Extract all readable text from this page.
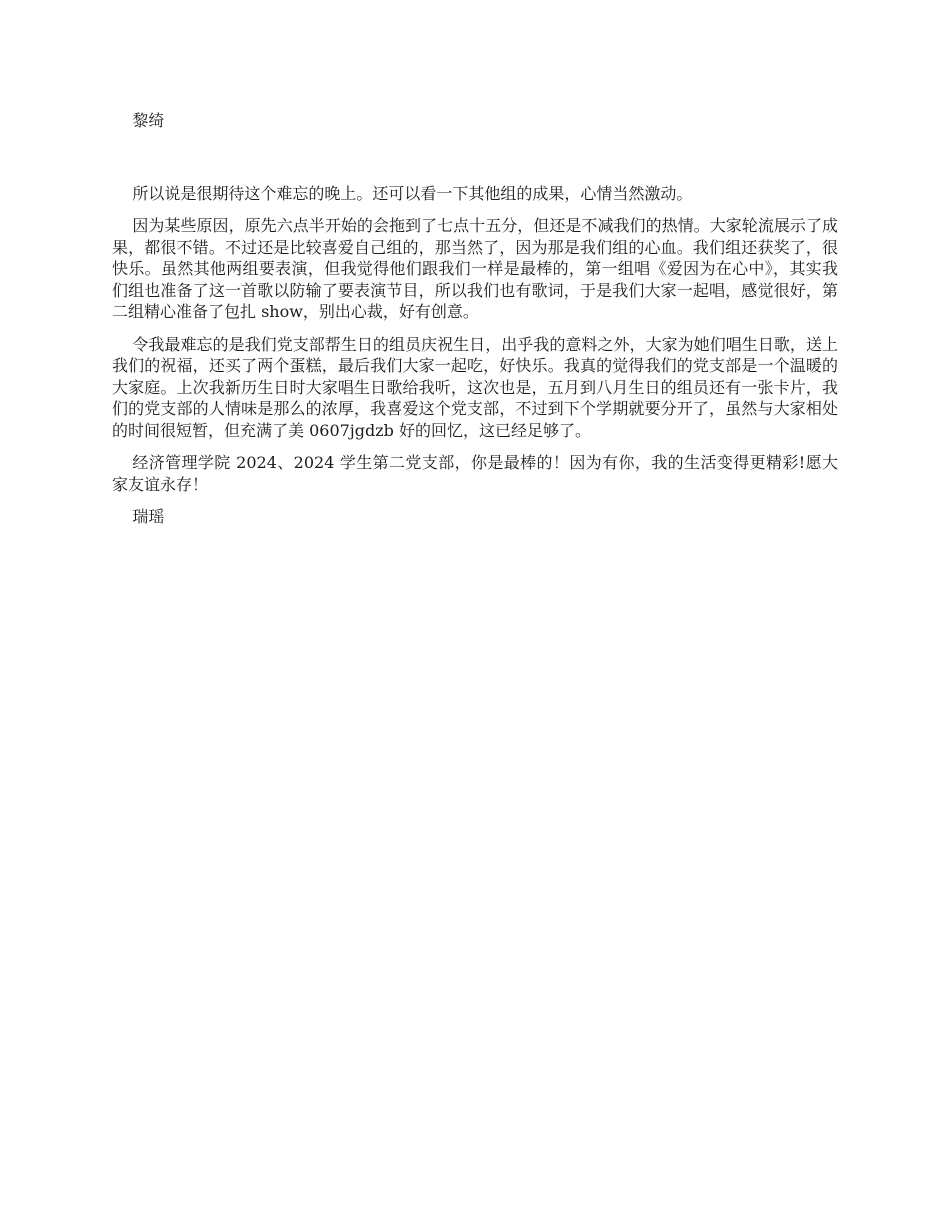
黎绮

所以说是很期待这个难忘的晚上。还可以看一下其他组的成果，心情当然激动。

因为某些原因，原先六点半开始的会拖到了七点十五分，但还是不减我们的热情。大家轮流展示了成果，都很不错。不过还是比较喜爱自己组的，那当然了，因为那是我们组的心血。我们组还获奖了，很快乐。虽然其他两组要表演，但我觉得他们跟我们一样是最棒的，第一组唱《爱因为在心中》，其实我们组也准备了这一首歌以防输了要表演节目，所以我们也有歌词，于是我们大家一起唱，感觉很好，第二组精心准备了包扎 show，别出心裁，好有创意。

令我最难忘的是我们党支部帮生日的组员庆祝生日，出乎我的意料之外，大家为她们唱生日歌，送上我们的祝福，还买了两个蛋糕，最后我们大家一起吃，好快乐。我真的觉得我们的党支部是一个温暖的大家庭。上次我新历生日时大家唱生日歌给我听，这次也是，五月到八月生日的组员还有一张卡片，我们的党支部的人情味是那么的浓厚，我喜爱这个党支部，不过到下个学期就要分开了，虽然与大家相处的时间很短暂，但充满了美 0607jgdzb 好的回忆，这已经足够了。

经济管理学院 2024、2024 学生第二党支部，你是最棒的！因为有你，我的生活变得更精彩!愿大家友谊永存！

瑞瑶
